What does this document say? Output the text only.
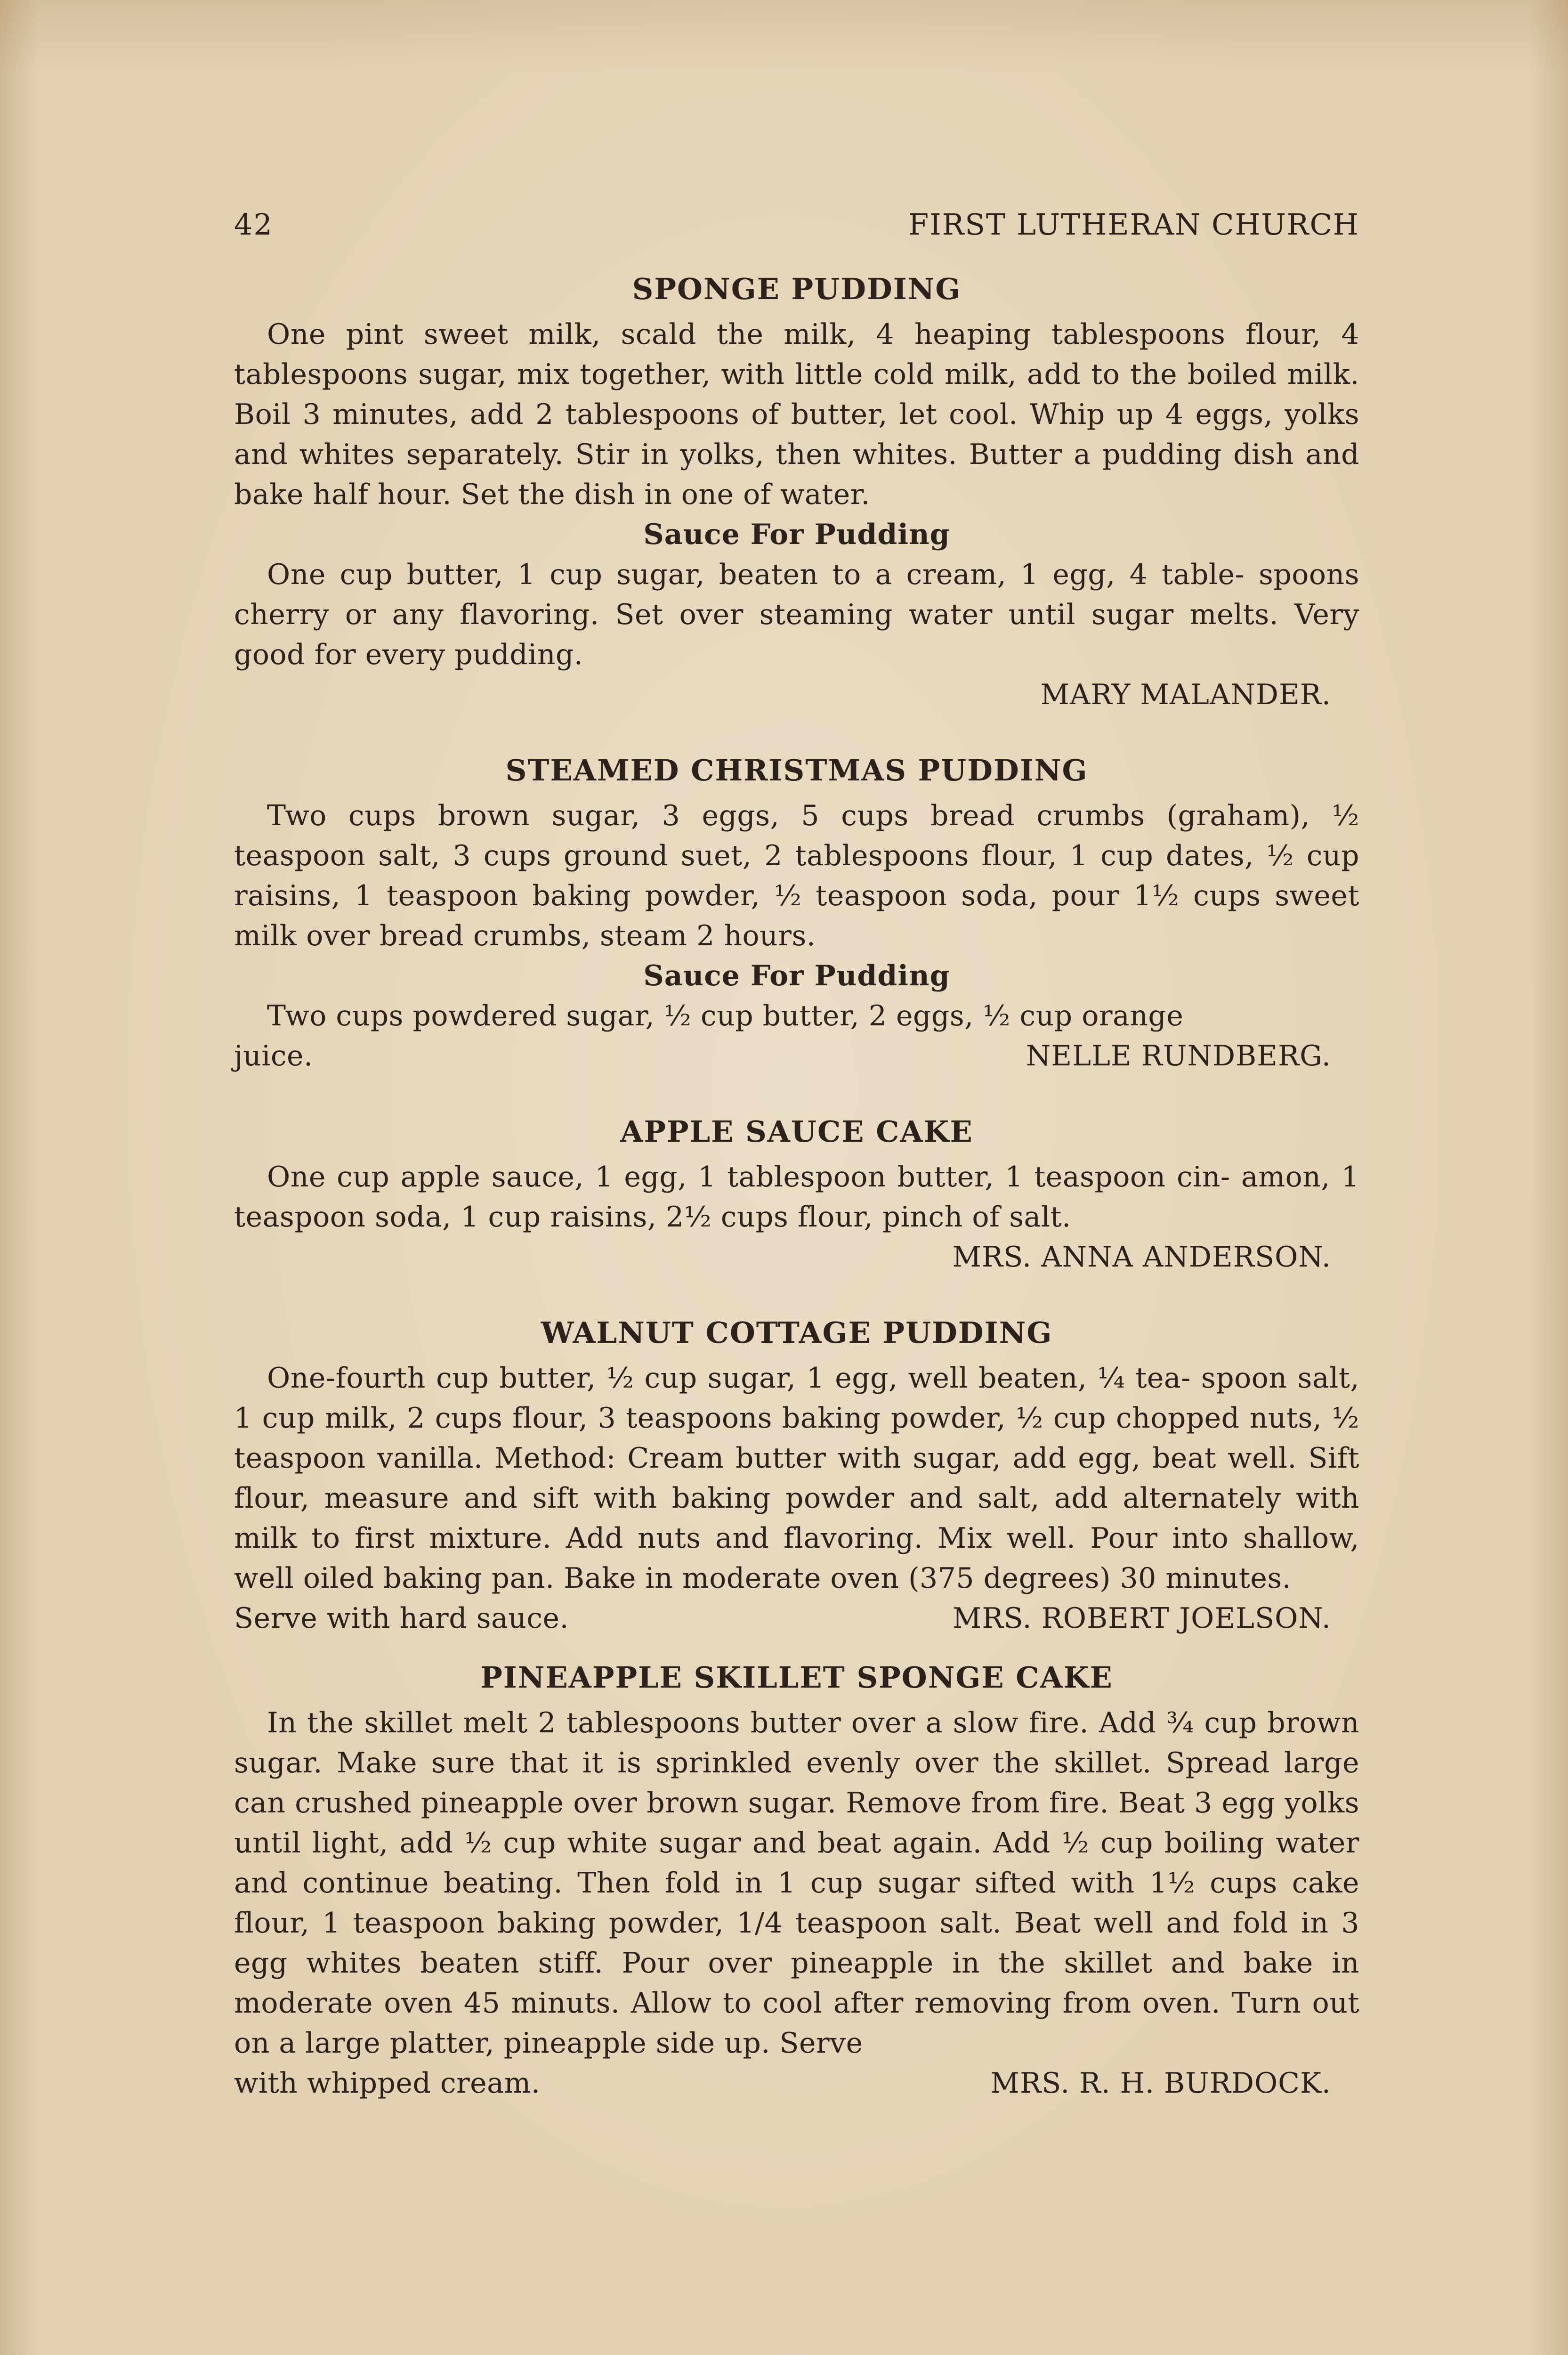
42	FIRST LUTHERAN CHURCH
SPONGE PUDDING

One pint sweet milk, scald the milk, 4 heaping tablespoons flour, 4 tablespoons sugar, mix together, with little cold milk, add to the boiled milk. Boil 3 minutes, add 2 tablespoons of butter, let cool. Whip up 4 eggs, yolks and whites separately. Stir in yolks, then whites. Butter a pudding dish and bake half hour. Set the dish in one of water.

Sauce For Pudding

One cup butter, 1 cup sugar, beaten to a cream, 1 egg, 4 table- spoons cherry or any flavoring. Set over steaming water until sugar melts. Very good for every pudding.

MARY MALANDER.

STEAMED CHRISTMAS PUDDING

Two cups brown sugar, 3 eggs, 5 cups bread crumbs (graham), ½ teaspoon salt, 3 cups ground suet, 2 tablespoons flour, 1 cup dates, ½ cup raisins, 1 teaspoon baking powder, ½ teaspoon soda, pour 1½ cups sweet milk over bread crumbs, steam 2 hours.

Sauce For Pudding

Two cups powdered sugar, ½ cup butter, 2 eggs, ½ cup orange

juice.	NELLE RUNDBERG.
APPLE SAUCE CAKE

One cup apple sauce, 1 egg, 1 tablespoon butter, 1 teaspoon cin- amon, 1 teaspoon soda, 1 cup raisins, 2½ cups flour, pinch of salt.

MRS. ANNA ANDERSON.

WALNUT COTTAGE PUDDING

One-fourth cup butter, ½ cup sugar, 1 egg, well beaten, ¼ tea- spoon salt, 1 cup milk, 2 cups flour, 3 teaspoons baking powder, ½ cup chopped nuts, ½ teaspoon vanilla. Method: Cream butter with sugar, add egg, beat well. Sift flour, measure and sift with baking powder and salt, add alternately with milk to first mixture. Add nuts and flavoring. Mix well. Pour into shallow, well oiled baking pan. Bake in moderate oven (375 degrees) 30 minutes.

Serve with hard sauce.	MRS. ROBERT JOELSON.
PINEAPPLE SKILLET SPONGE CAKE

In the skillet melt 2 tablespoons butter over a slow fire. Add ¾ cup brown sugar. Make sure that it is sprinkled evenly over the skillet. Spread large can crushed pineapple over brown sugar. Remove from fire. Beat 3 egg yolks until light, add ½ cup white sugar and beat again. Add ½ cup boiling water and continue beating. Then fold in 1 cup sugar sifted with 1½ cups cake flour, 1 teaspoon baking powder, 1/4 teaspoon salt. Beat well and fold in 3 egg whites beaten stiff. Pour over pineapple in the skillet and bake in moderate oven 45 minuts. Allow to cool after removing from oven. Turn out on a large platter, pineapple side up. Serve

with whipped cream.	MRS. R. H. BURDOCK.
